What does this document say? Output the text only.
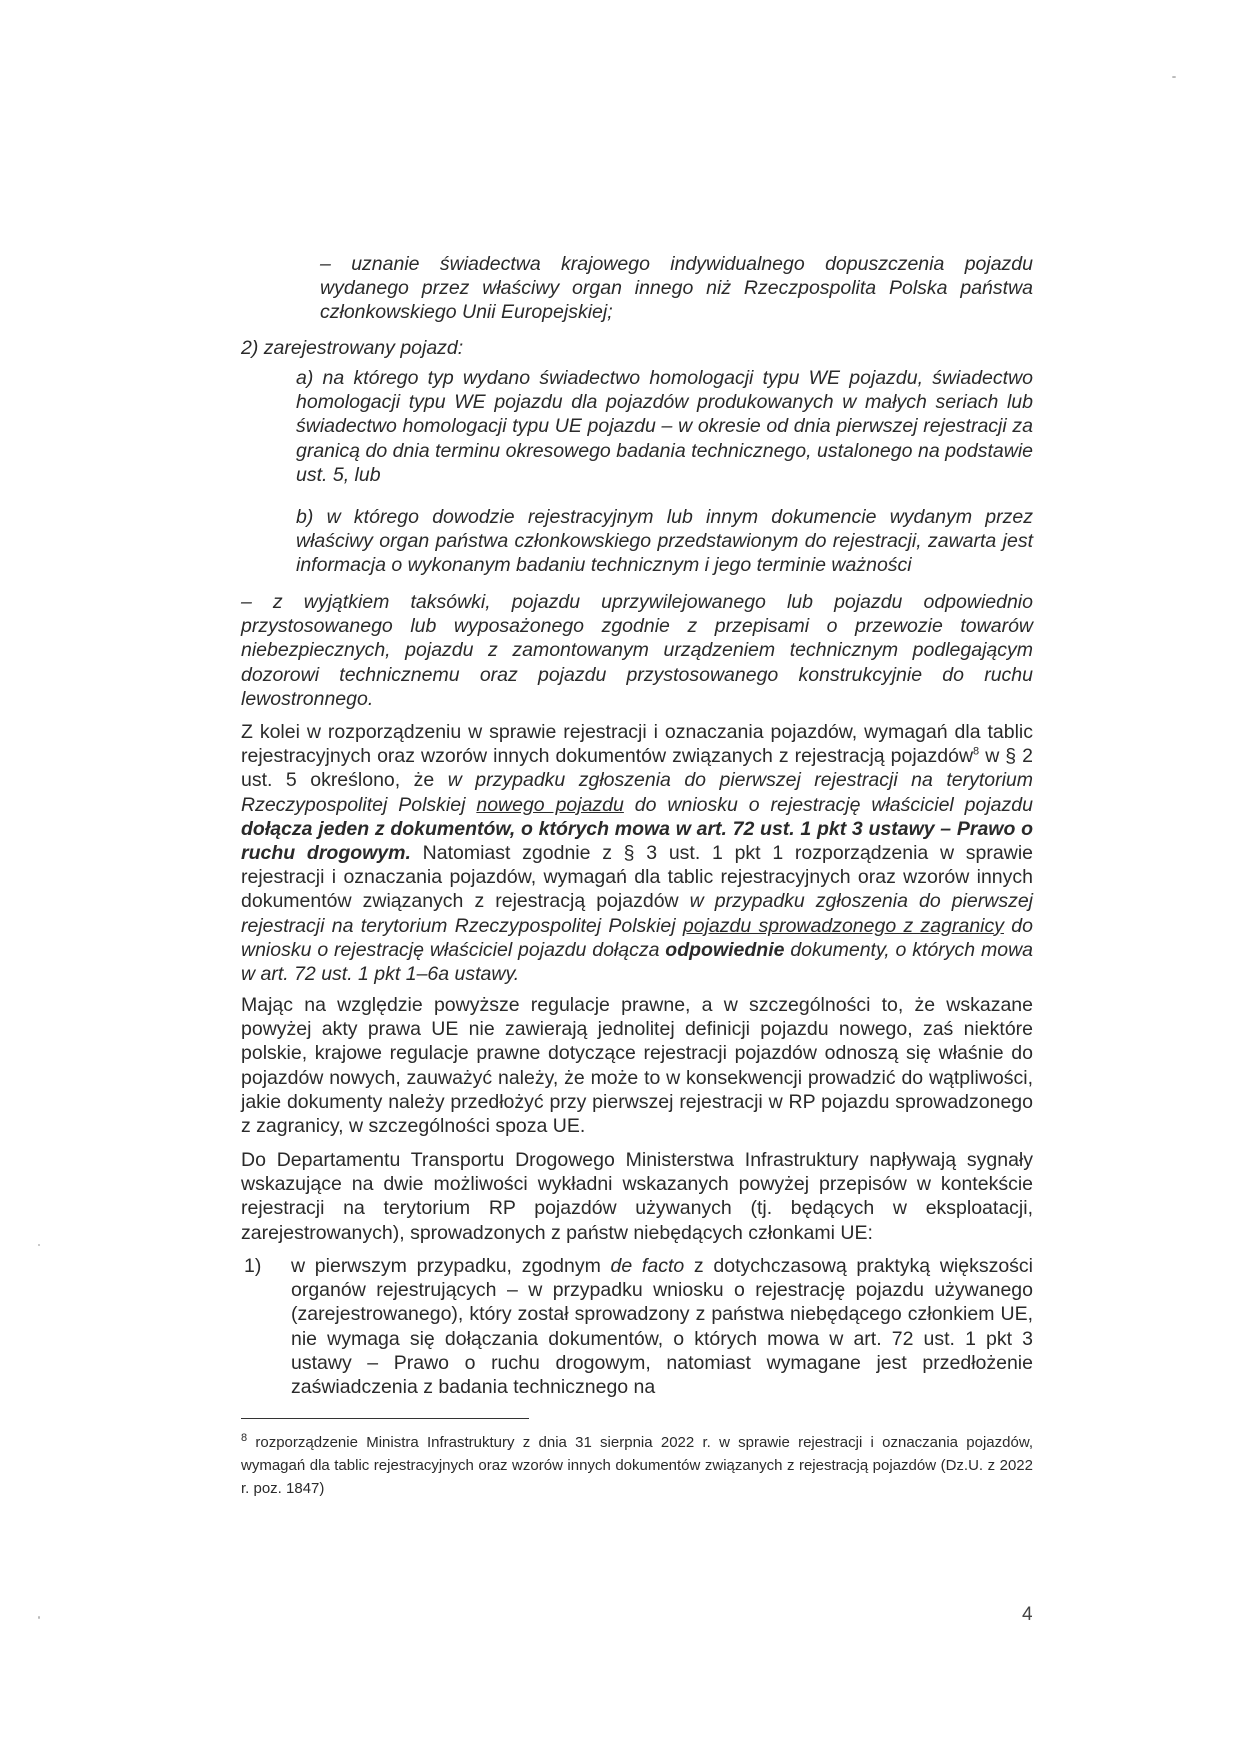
– uznanie świadectwa krajowego indywidualnego dopuszczenia pojazdu wydanego przez właściwy organ innego niż Rzeczpospolita Polska państwa członkowskiego Unii Europejskiej;

2) zarejestrowany pojazd:

a) na którego typ wydano świadectwo homologacji typu WE pojazdu, świadectwo homologacji typu WE pojazdu dla pojazdów produkowanych w małych seriach lub świadectwo homologacji typu UE pojazdu – w okresie od dnia pierwszej rejestracji za granicą do dnia terminu okresowego badania technicznego, ustalonego na podstawie ust. 5, lub

b) w którego dowodzie rejestracyjnym lub innym dokumencie wydanym przez właściwy organ państwa członkowskiego przedstawionym do rejestracji, zawarta jest informacja o wykonanym badaniu technicznym i jego terminie ważności

– z wyjątkiem taksówki, pojazdu uprzywilejowanego lub pojazdu odpowiednio przystosowanego lub wyposażonego zgodnie z przepisami o przewozie towarów niebezpiecznych, pojazdu z zamontowanym urządzeniem technicznym podlegającym dozorowi technicznemu oraz pojazdu przystosowanego konstrukcyjnie do ruchu lewostronnego.

Z kolei w rozporządzeniu w sprawie rejestracji i oznaczania pojazdów, wymagań dla tablic rejestracyjnych oraz wzorów innych dokumentów związanych z rejestracją pojazdów$^8$ w § 2 ust. 5 określono, że w przypadku zgłoszenia do pierwszej rejestracji na terytorium Rzeczypospolitej Polskiej nowego pojazdu do wniosku o rejestrację właściciel pojazdu dołącza jeden z dokumentów, o których mowa w art. 72 ust. 1 pkt 3 ustawy – Prawo o ruchu drogowym. Natomiast zgodnie z § 3 ust. 1 pkt 1 rozporządzenia w sprawie rejestracji i oznaczania pojazdów, wymagań dla tablic rejestracyjnych oraz wzorów innych dokumentów związanych z rejestracją pojazdów w przypadku zgłoszenia do pierwszej rejestracji na terytorium Rzeczypospolitej Polskiej pojazdu sprowadzonego z zagranicy do wniosku o rejestrację właściciel pojazdu dołącza odpowiednie dokumenty, o których mowa w art. 72 ust. 1 pkt 1–6a ustawy.

Mając na względzie powyższe regulacje prawne, a w szczególności to, że wskazane powyżej akty prawa UE nie zawierają jednolitej definicji pojazdu nowego, zaś niektóre polskie, krajowe regulacje prawne dotyczące rejestracji pojazdów odnoszą się właśnie do pojazdów nowych, zauważyć należy, że może to w konsekwencji prowadzić do wątpliwości, jakie dokumenty należy przedłożyć przy pierwszej rejestracji w RP pojazdu sprowadzonego z zagranicy, w szczególności spoza UE.

Do Departamentu Transportu Drogowego Ministerstwa Infrastruktury napływają sygnały wskazujące na dwie możliwości wykładni wskazanych powyżej przepisów w kontekście rejestracji na terytorium RP pojazdów używanych (tj. będących w eksploatacji, zarejestrowanych), sprowadzonych z państw niebędących członkami UE:

1) w pierwszym przypadku, zgodnym de facto z dotychczasową praktyką większości organów rejestrujących – w przypadku wniosku o rejestrację pojazdu używanego (zarejestrowanego), który został sprowadzony z państwa niebędącego członkiem UE, nie wymaga się dołączania dokumentów, o których mowa w art. 72 ust. 1 pkt 3 ustawy – Prawo o ruchu drogowym, natomiast wymagane jest przedłożenie zaświadczenia z badania technicznego na

$^8$ rozporządzenie Ministra Infrastruktury z dnia 31 sierpnia 2022 r. w sprawie rejestracji i oznaczania pojazdów, wymagań dla tablic rejestracyjnych oraz wzorów innych dokumentów związanych z rejestracją pojazdów (Dz.U. z 2022 r. poz. 1847)

4
